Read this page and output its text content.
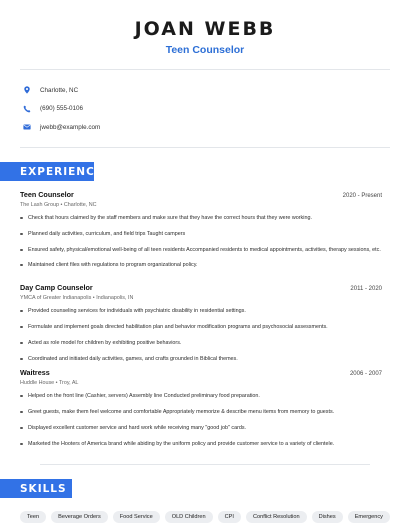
JOAN WEBB
Teen Counselor
Charlotte, NC
(690) 555-0106
jwebb@example.com
EXPERIENCE
Teen Counselor	2020 - Present
The Lash Group • Charlotte, NC
Check that hours claimed by the staff members and make sure that they have the correct hours that they were working.
Planned daily activities, curriculum, and field trips Taught campers
Ensured safety, physical/emotional well-being of all teen residents Accompanied residents to medical appointments, activities, therapy sessions, etc.
Maintained client files with regulations to program organizational policy.
Day Camp Counselor	2011 - 2020
YMCA of Greater Indianapolis • Indianapolis, IN
Provided counseling services for individuals with psychiatric disability in residential settings.
Formulate and implement goals directed habilitation plan and behavior modification programs and psychosocial assessments.
Acted as role model for children by exhibiting positive behaviors.
Coordinated and initiated daily activities, games, and crafts grounded in Biblical themes.
Waitress	2006 - 2007
Huddle House • Troy, AL
Helped on the front line (Cashier, servers) Assembly line Conducted preliminary food preparation.
Greet guests, make them feel welcome and comfortable Appropriately memorize & describe menu items from memory to guests.
Displayed excellent customer service and hard work while receiving many "good job" cards.
Marketed the Hooters of America brand while abiding by the uniform policy and provide customer service to a variety of clientele.
SKILLS
Teen	Beverage Orders	Food Service	OLD Children	CPI	Conflict Resolution	Dishes	Emergency
